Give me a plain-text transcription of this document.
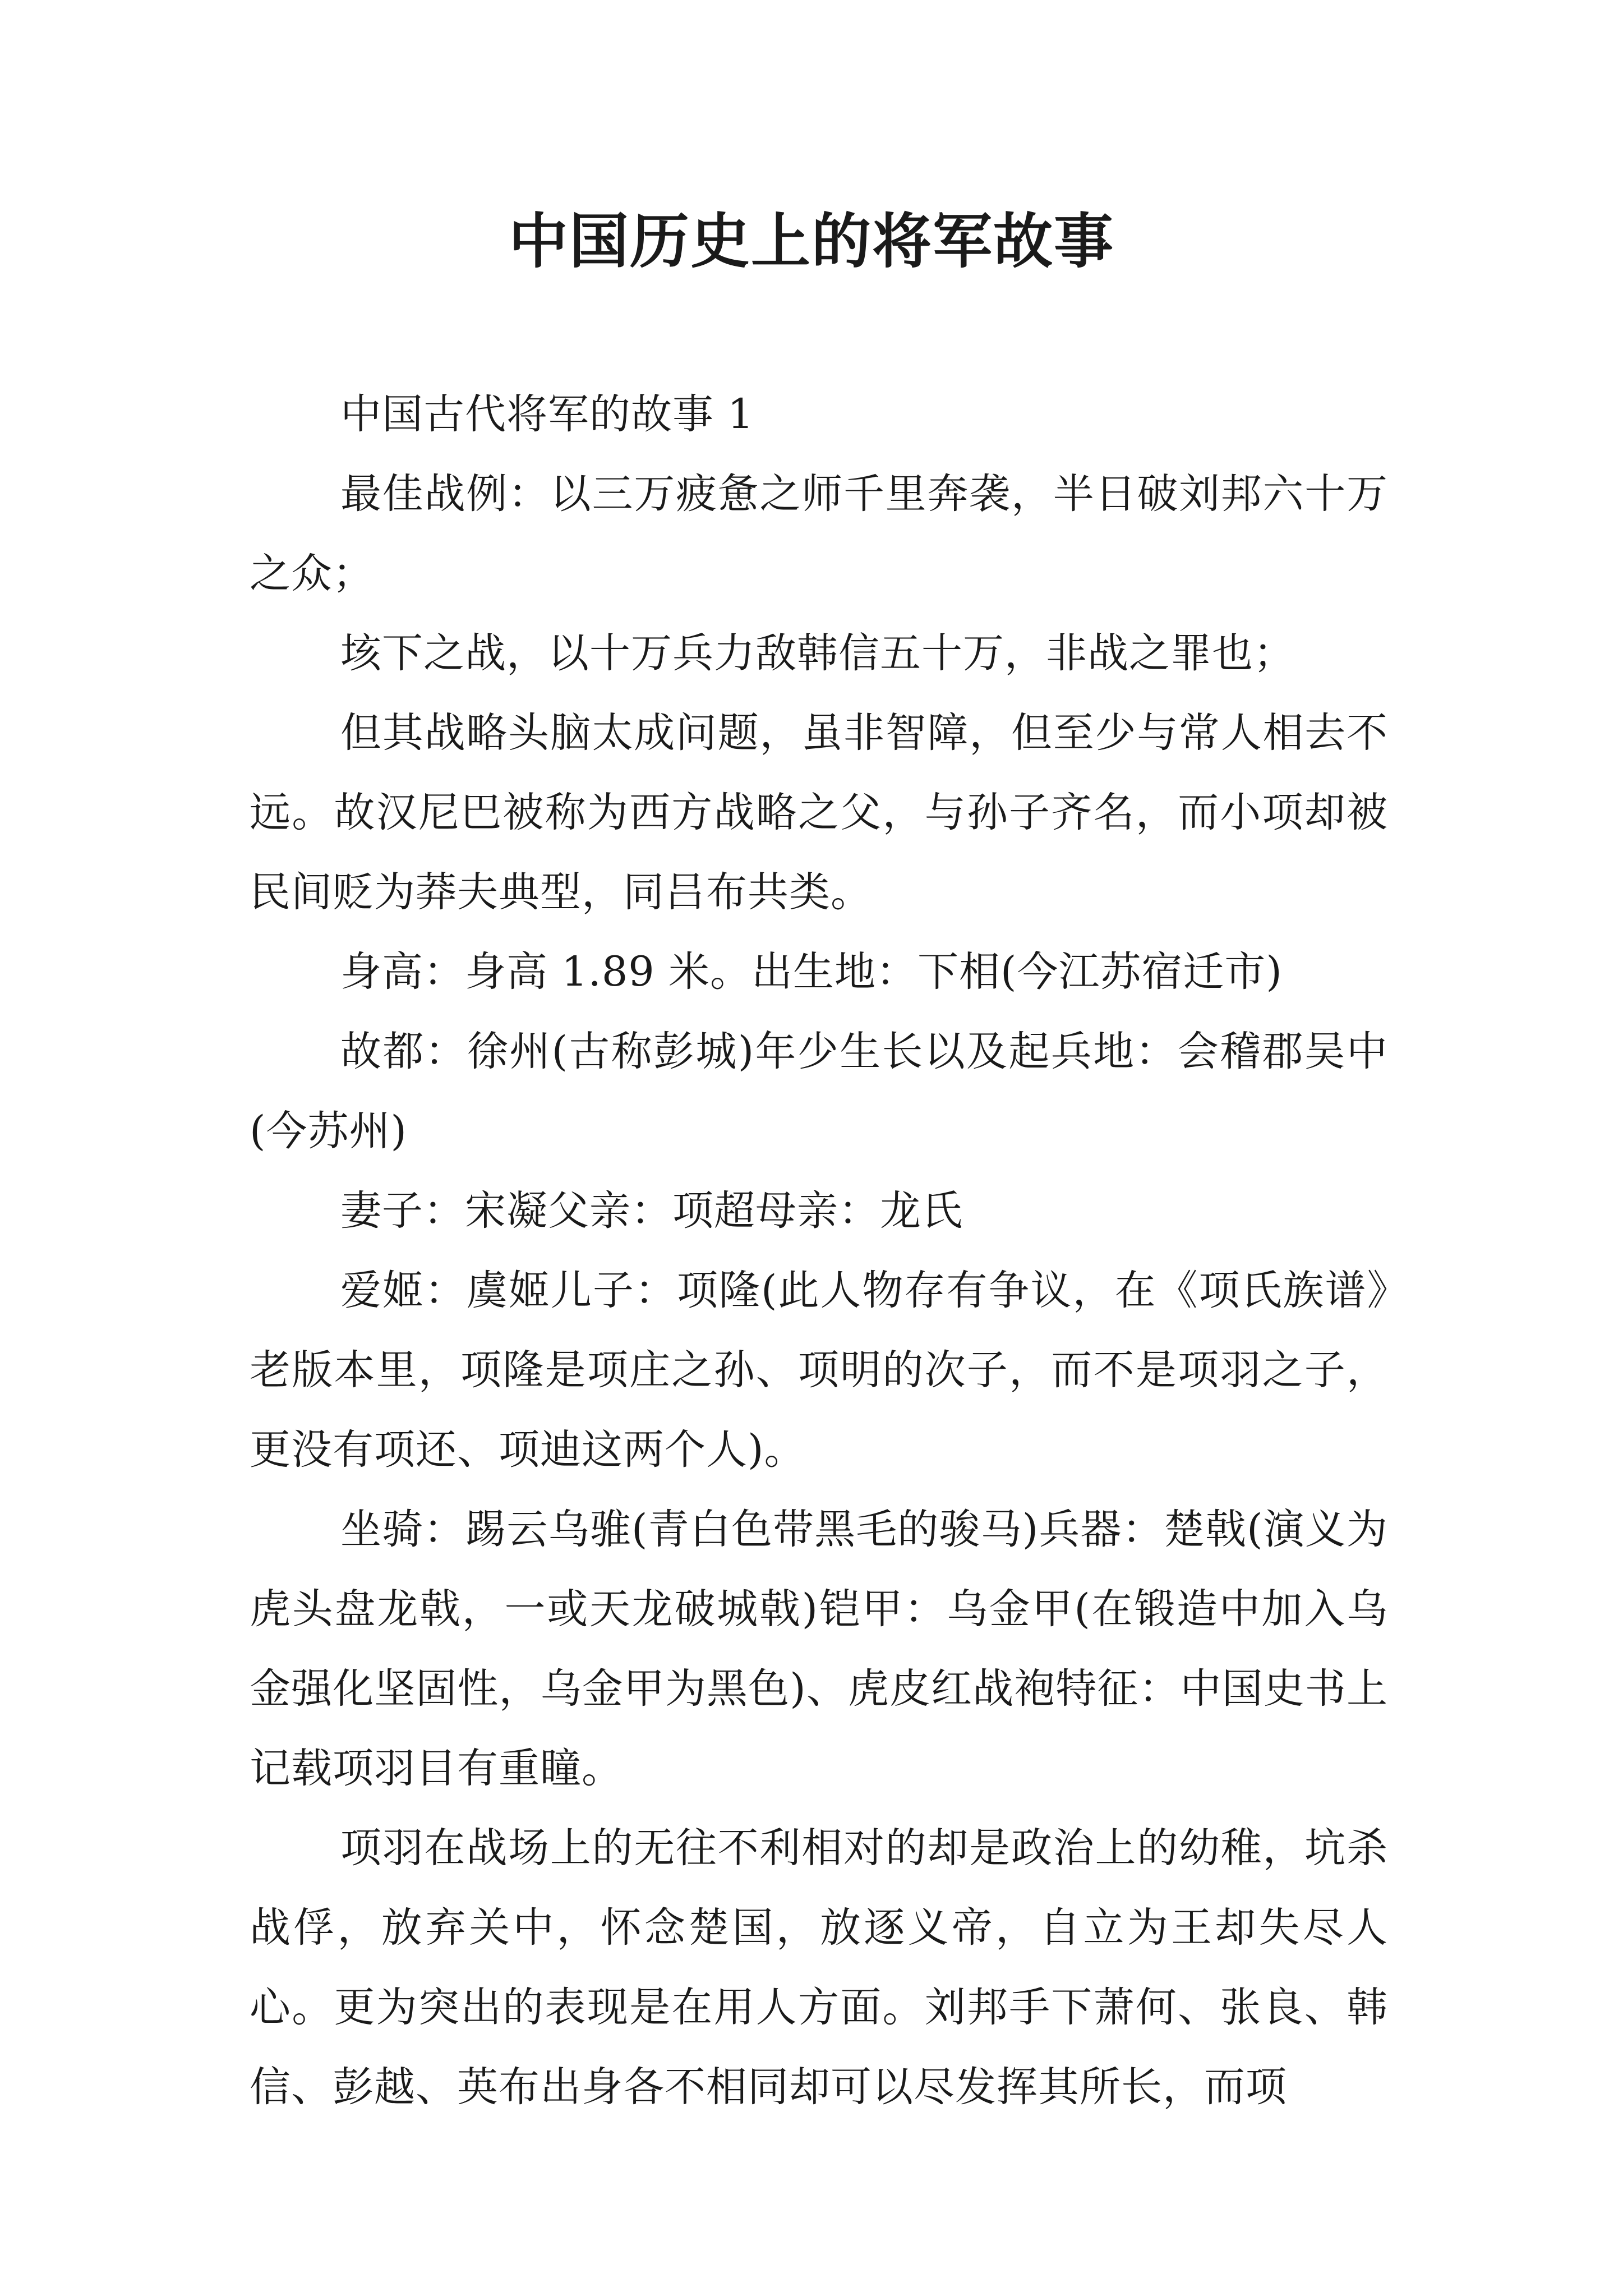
中国历史上的将军故事

中国古代将军的故事 1

最佳战例：以三万疲惫之师千里奔袭，半日破刘邦六十万之众；

垓下之战，以十万兵力敌韩信五十万，非战之罪也；

但其战略头脑太成问题，虽非智障，但至少与常人相去不远。故汉尼巴被称为西方战略之父，与孙子齐名，而小项却被民间贬为莽夫典型，同吕布共类。

身高：身高 1.89 米。出生地：下相(今江苏宿迁市)

故都：徐州(古称彭城)年少生长以及起兵地：会稽郡吴中(今苏州)

妻子：宋凝父亲：项超母亲：龙氏

爱姬：虞姬儿子：项隆(此人物存有争议，在《项氏族谱》老版本里，项隆是项庄之孙、项明的次子，而不是项羽之子，更没有项还、项迪这两个人)。

坐骑：踢云乌骓(青白色带黑毛的骏马)兵器：楚戟(演义为虎头盘龙戟，一或天龙破城戟)铠甲：乌金甲(在锻造中加入乌金强化坚固性，乌金甲为黑色)、虎皮红战袍特征：中国史书上记载项羽目有重瞳。

项羽在战场上的无往不利相对的却是政治上的幼稚，坑杀战俘，放弃关中，怀念楚国，放逐义帝，自立为王却失尽人心。更为突出的表现是在用人方面。刘邦手下萧何、张良、韩信、彭越、英布出身各不相同却可以尽发挥其所长，而项
